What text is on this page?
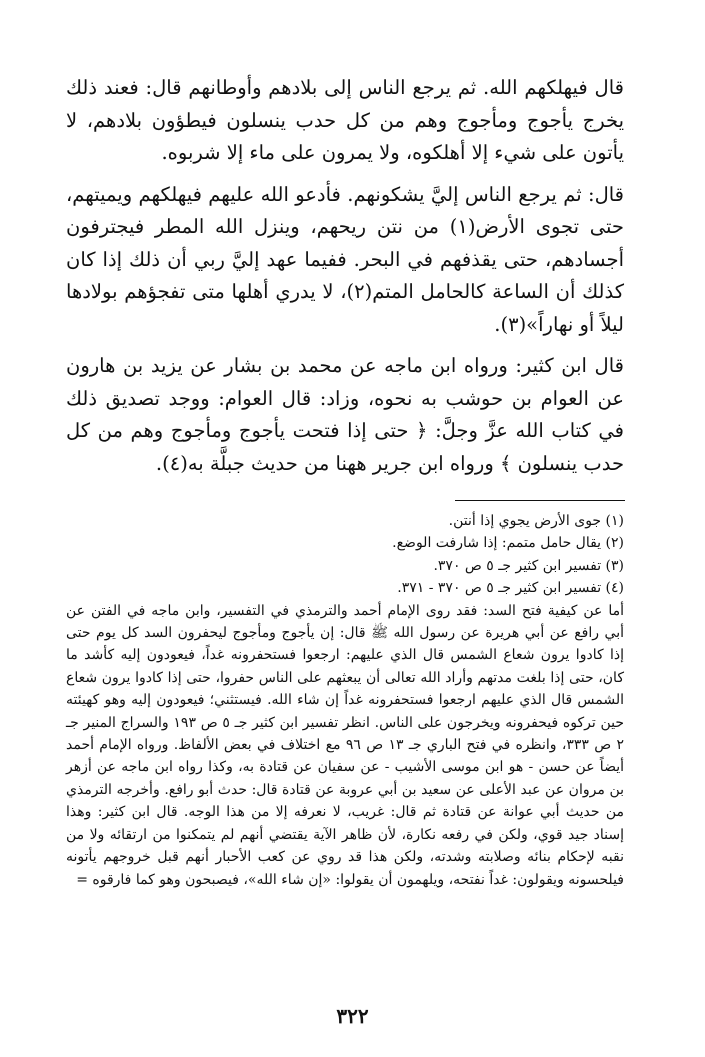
قال فيهلكهم الله. ثم يرجع الناس إلى بلادهم وأوطانهم قال: فعند ذلك يخرج يأجوج ومأجوج وهم من كل حدب ينسلون فيطؤون بلادهم، لا يأتون على شيء إلا أهلكوه، ولا يمرون على ماء إلا شربوه.

قال: ثم يرجع الناس إليَّ يشكونهم. فأدعو الله عليهم فيهلكهم ويميتهم، حتى تجوى الأرض(١) من نتن ريحهم، وينزل الله المطر فيجترفون أجسادهم، حتى يقذفهم في البحر. ففيما عهد إليَّ ربي أن ذلك إذا كان كذلك أن الساعة كالحامل المتم(٢)، لا يدري أهلها متى تفجؤهم بولادها ليلاً أو نهاراً»(٣).

قال ابن كثير: ورواه ابن ماجه عن محمد بن بشار عن يزيد بن هارون عن العوام بن حوشب به نحوه، وزاد: قال العوام: ووجد تصديق ذلك في كتاب الله عزَّ وجلَّ: ﴿ حتى إذا فتحت يأجوج ومأجوج وهم من كل حدب ينسلون ﴾ ورواه ابن جرير ههنا من حديث جبلَّة به(٤).

(١) جوى الأرض يجوي إذا أنتن.

(٢) يقال حامل متمم: إذا شارفت الوضع.

(٣) تفسير ابن كثير جـ ٥ ص ٣٧٠.

(٤) تفسير ابن كثير جـ ٥ ص ٣٧٠ - ٣٧١.

أما عن كيفية فتح السد: فقد روى الإمام أحمد والترمذي في التفسير، وابن ماجه في الفتن عن أبي رافع عن أبي هريرة عن رسول الله ﷺ قال: إن يأجوج ومأجوج ليحفرون السد كل يوم حتى إذا كادوا يرون شعاع الشمس قال الذي عليهم: ارجعوا فستحفرونه غداً، فيعودون إليه كأشد ما كان، حتى إذا بلغت مدتهم وأراد الله تعالى أن يبعثهم على الناس حفروا، حتى إذا كادوا يرون شعاع الشمس قال الذي عليهم ارجعوا فستحفرونه غداً إن شاء الله. فيستثني؛ فيعودون إليه وهو كهيئته حين تركوه فيحفرونه ويخرجون على الناس. انظر تفسير ابن كثير جـ ٥ ص ١٩٣ والسراج المنير جـ ٢ ص ٣٣٣، وانظره في فتح الباري جـ ١٣ ص ٩٦ مع اختلاف في بعض الألفاظ. ورواه الإمام أحمد أيضاً عن حسن - هو ابن موسى الأشيب - عن سفيان عن قتادة به، وكذا رواه ابن ماجه عن أزهر بن مروان عن عبد الأعلى عن سعيد بن أبي عروبة عن قتادة قال: حدث أبو رافع. وأخرجه الترمذي من حديث أبي عوانة عن قتادة ثم قال: غريب، لا نعرفه إلا من هذا الوجه. قال ابن كثير: وهذا إسناد جيد قوي، ولكن في رفعه نكارة، لأن ظاهر الآية يقتضي أنهم لم يتمكنوا من ارتقائه ولا من نقبه لإحكام بنائه وصلابته وشدته، ولكن هذا قد روي عن كعب الأحبار أنهم قبل خروجهم يأتونه فيلحسونه ويقولون: غداً نفتحه، ويلهمون أن يقولوا: «إن شاء الله»، فيصبحون وهو كما فارقوه =

٣٢٢
